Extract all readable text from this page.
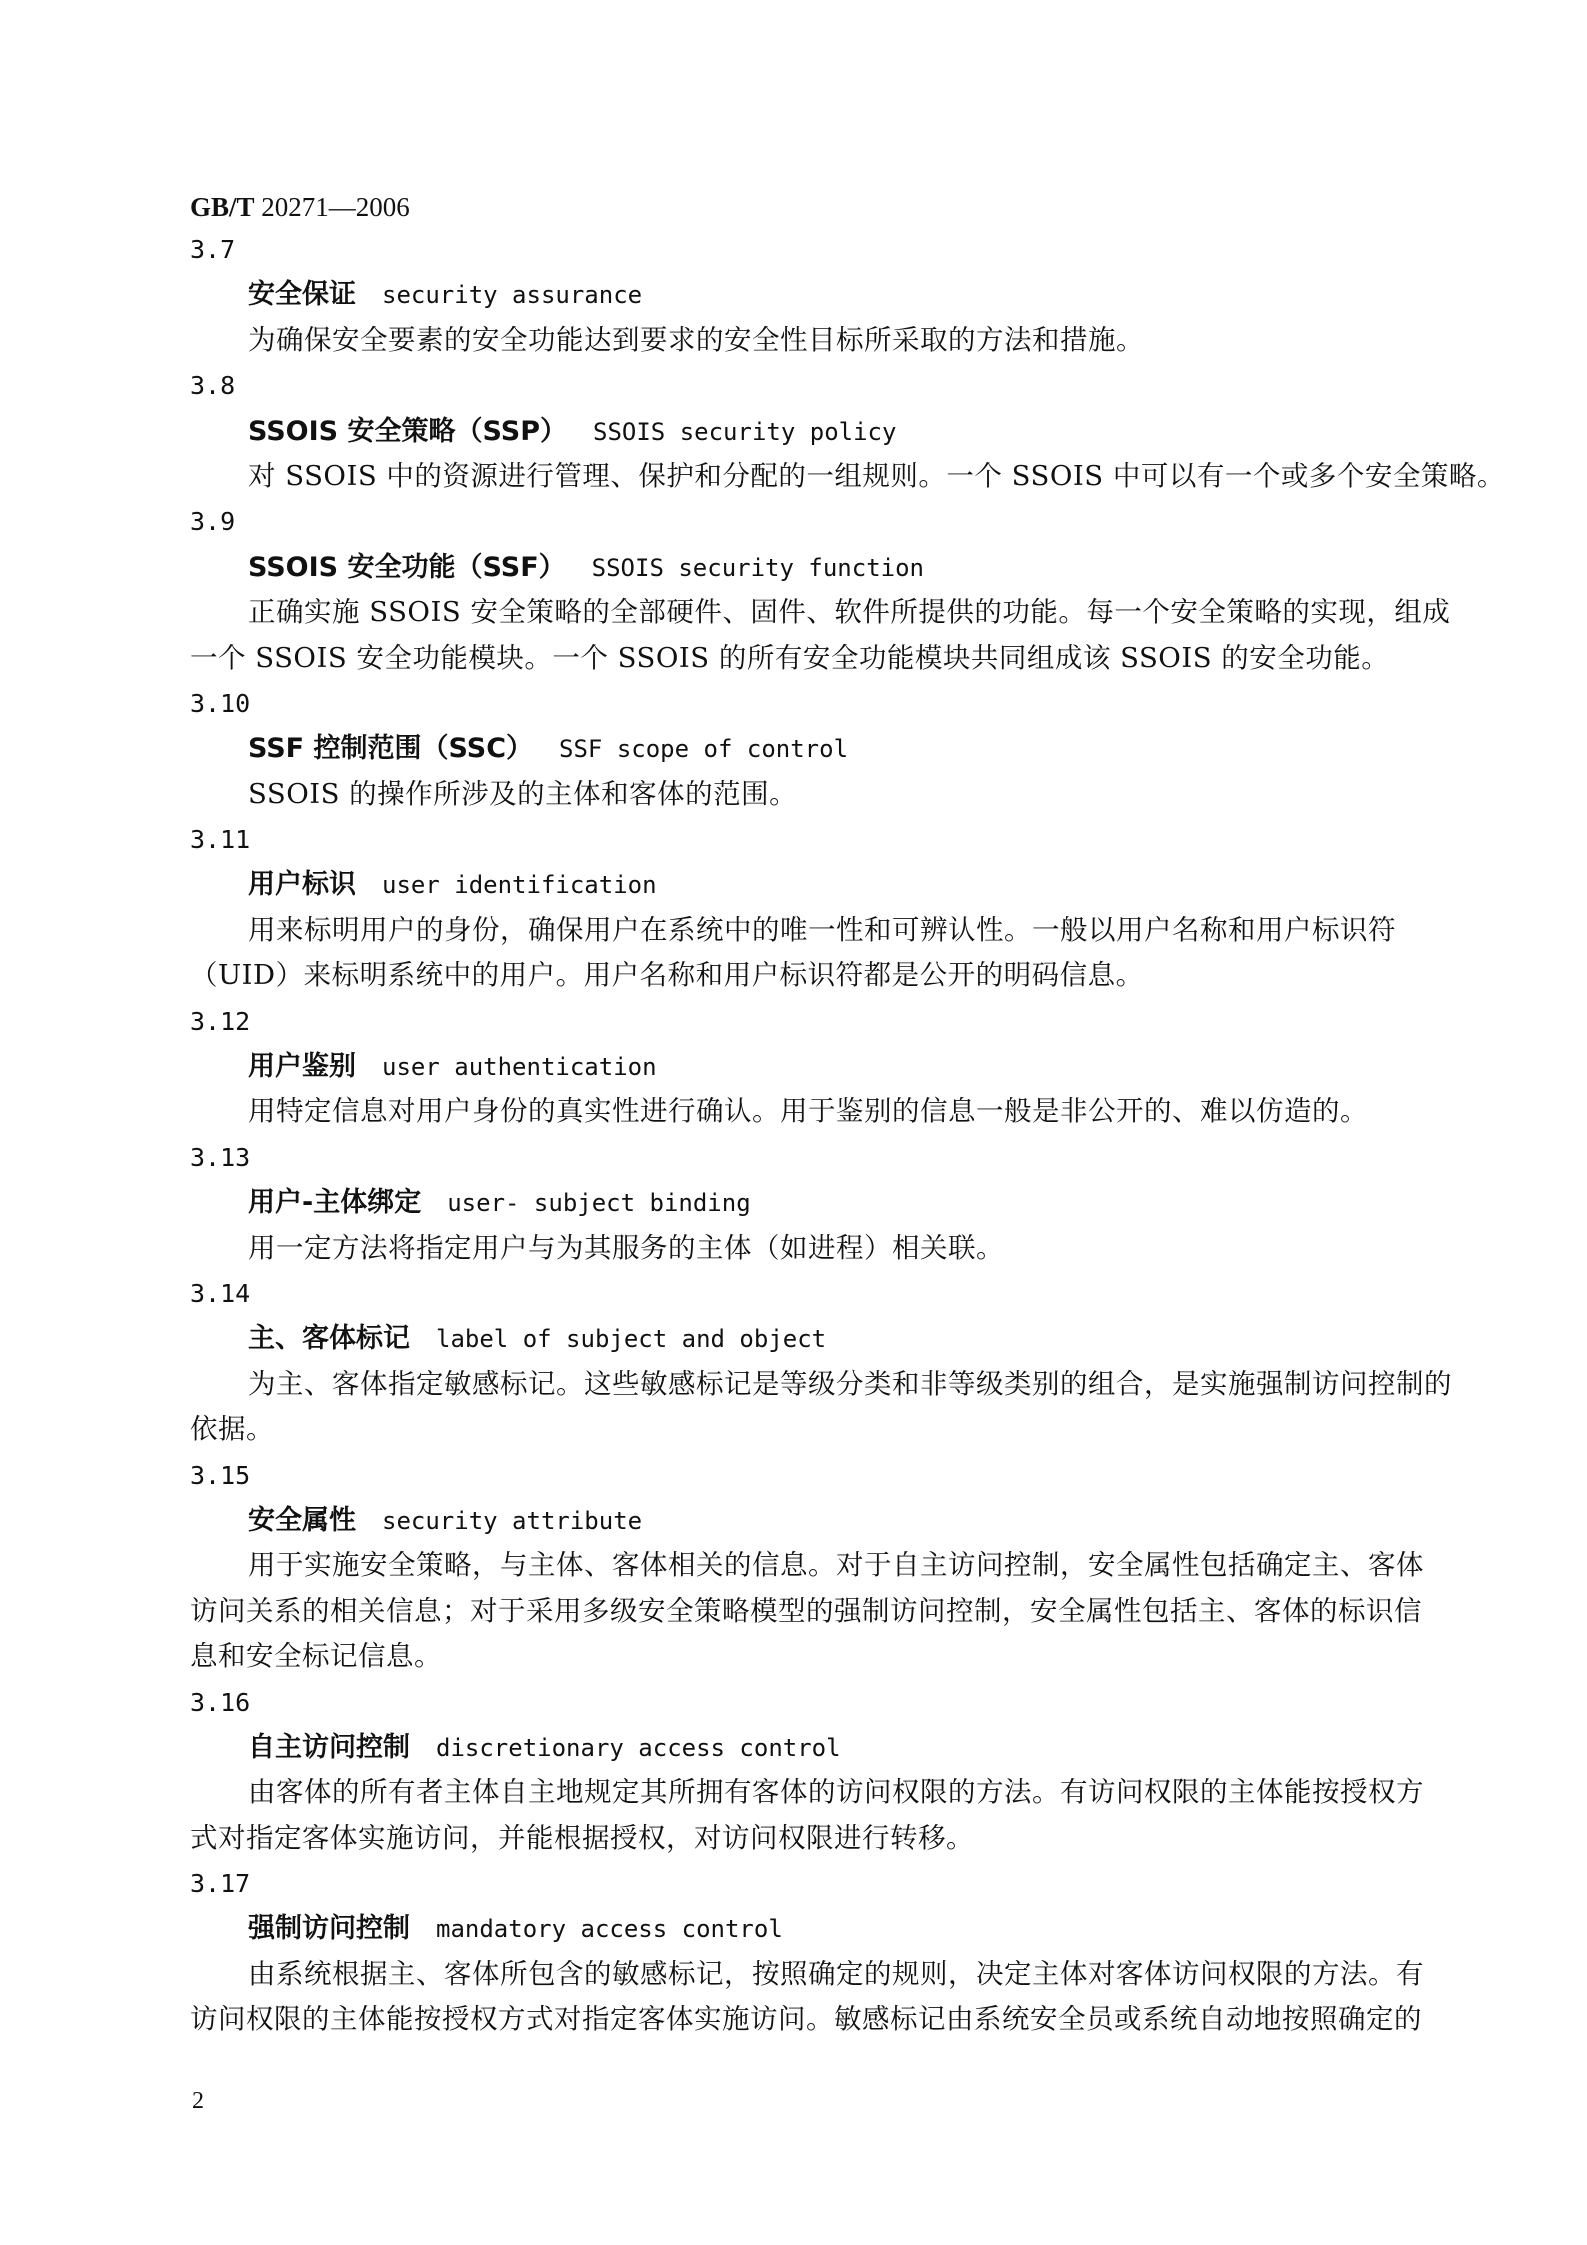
GB/T 20271—2006
3.7
安全保证 security assurance
为确保安全要素的安全功能达到要求的安全性目标所采取的方法和措施。
3.8
SSOIS 安全策略（SSP） SSOIS security policy
对 SSOIS 中的资源进行管理、保护和分配的一组规则。一个 SSOIS 中可以有一个或多个安全策略。
3.9
SSOIS 安全功能（SSF） SSOIS security function
正确实施 SSOIS 安全策略的全部硬件、固件、软件所提供的功能。每一个安全策略的实现，组成
一个 SSOIS 安全功能模块。一个 SSOIS 的所有安全功能模块共同组成该 SSOIS 的安全功能。
3.10
SSF 控制范围（SSC） SSF scope of control
SSOIS 的操作所涉及的主体和客体的范围。
3.11
用户标识 user identification
用来标明用户的身份，确保用户在系统中的唯一性和可辨认性。一般以用户名称和用户标识符
（UID）来标明系统中的用户。用户名称和用户标识符都是公开的明码信息。
3.12
用户鉴别 user authentication
用特定信息对用户身份的真实性进行确认。用于鉴别的信息一般是非公开的、难以仿造的。
3.13
用户-主体绑定 user- subject binding
用一定方法将指定用户与为其服务的主体（如进程）相关联。
3.14
主、客体标记 label of subject and object
为主、客体指定敏感标记。这些敏感标记是等级分类和非等级类别的组合，是实施强制访问控制的
依据。
3.15
安全属性 security attribute
用于实施安全策略，与主体、客体相关的信息。对于自主访问控制，安全属性包括确定主、客体
访问关系的相关信息；对于采用多级安全策略模型的强制访问控制，安全属性包括主、客体的标识信
息和安全标记信息。
3.16
自主访问控制 discretionary access control
由客体的所有者主体自主地规定其所拥有客体的访问权限的方法。有访问权限的主体能按授权方
式对指定客体实施访问，并能根据授权，对访问权限进行转移。
3.17
强制访问控制 mandatory access control
由系统根据主、客体所包含的敏感标记，按照确定的规则，决定主体对客体访问权限的方法。有
访问权限的主体能按授权方式对指定客体实施访问。敏感标记由系统安全员或系统自动地按照确定的
2
